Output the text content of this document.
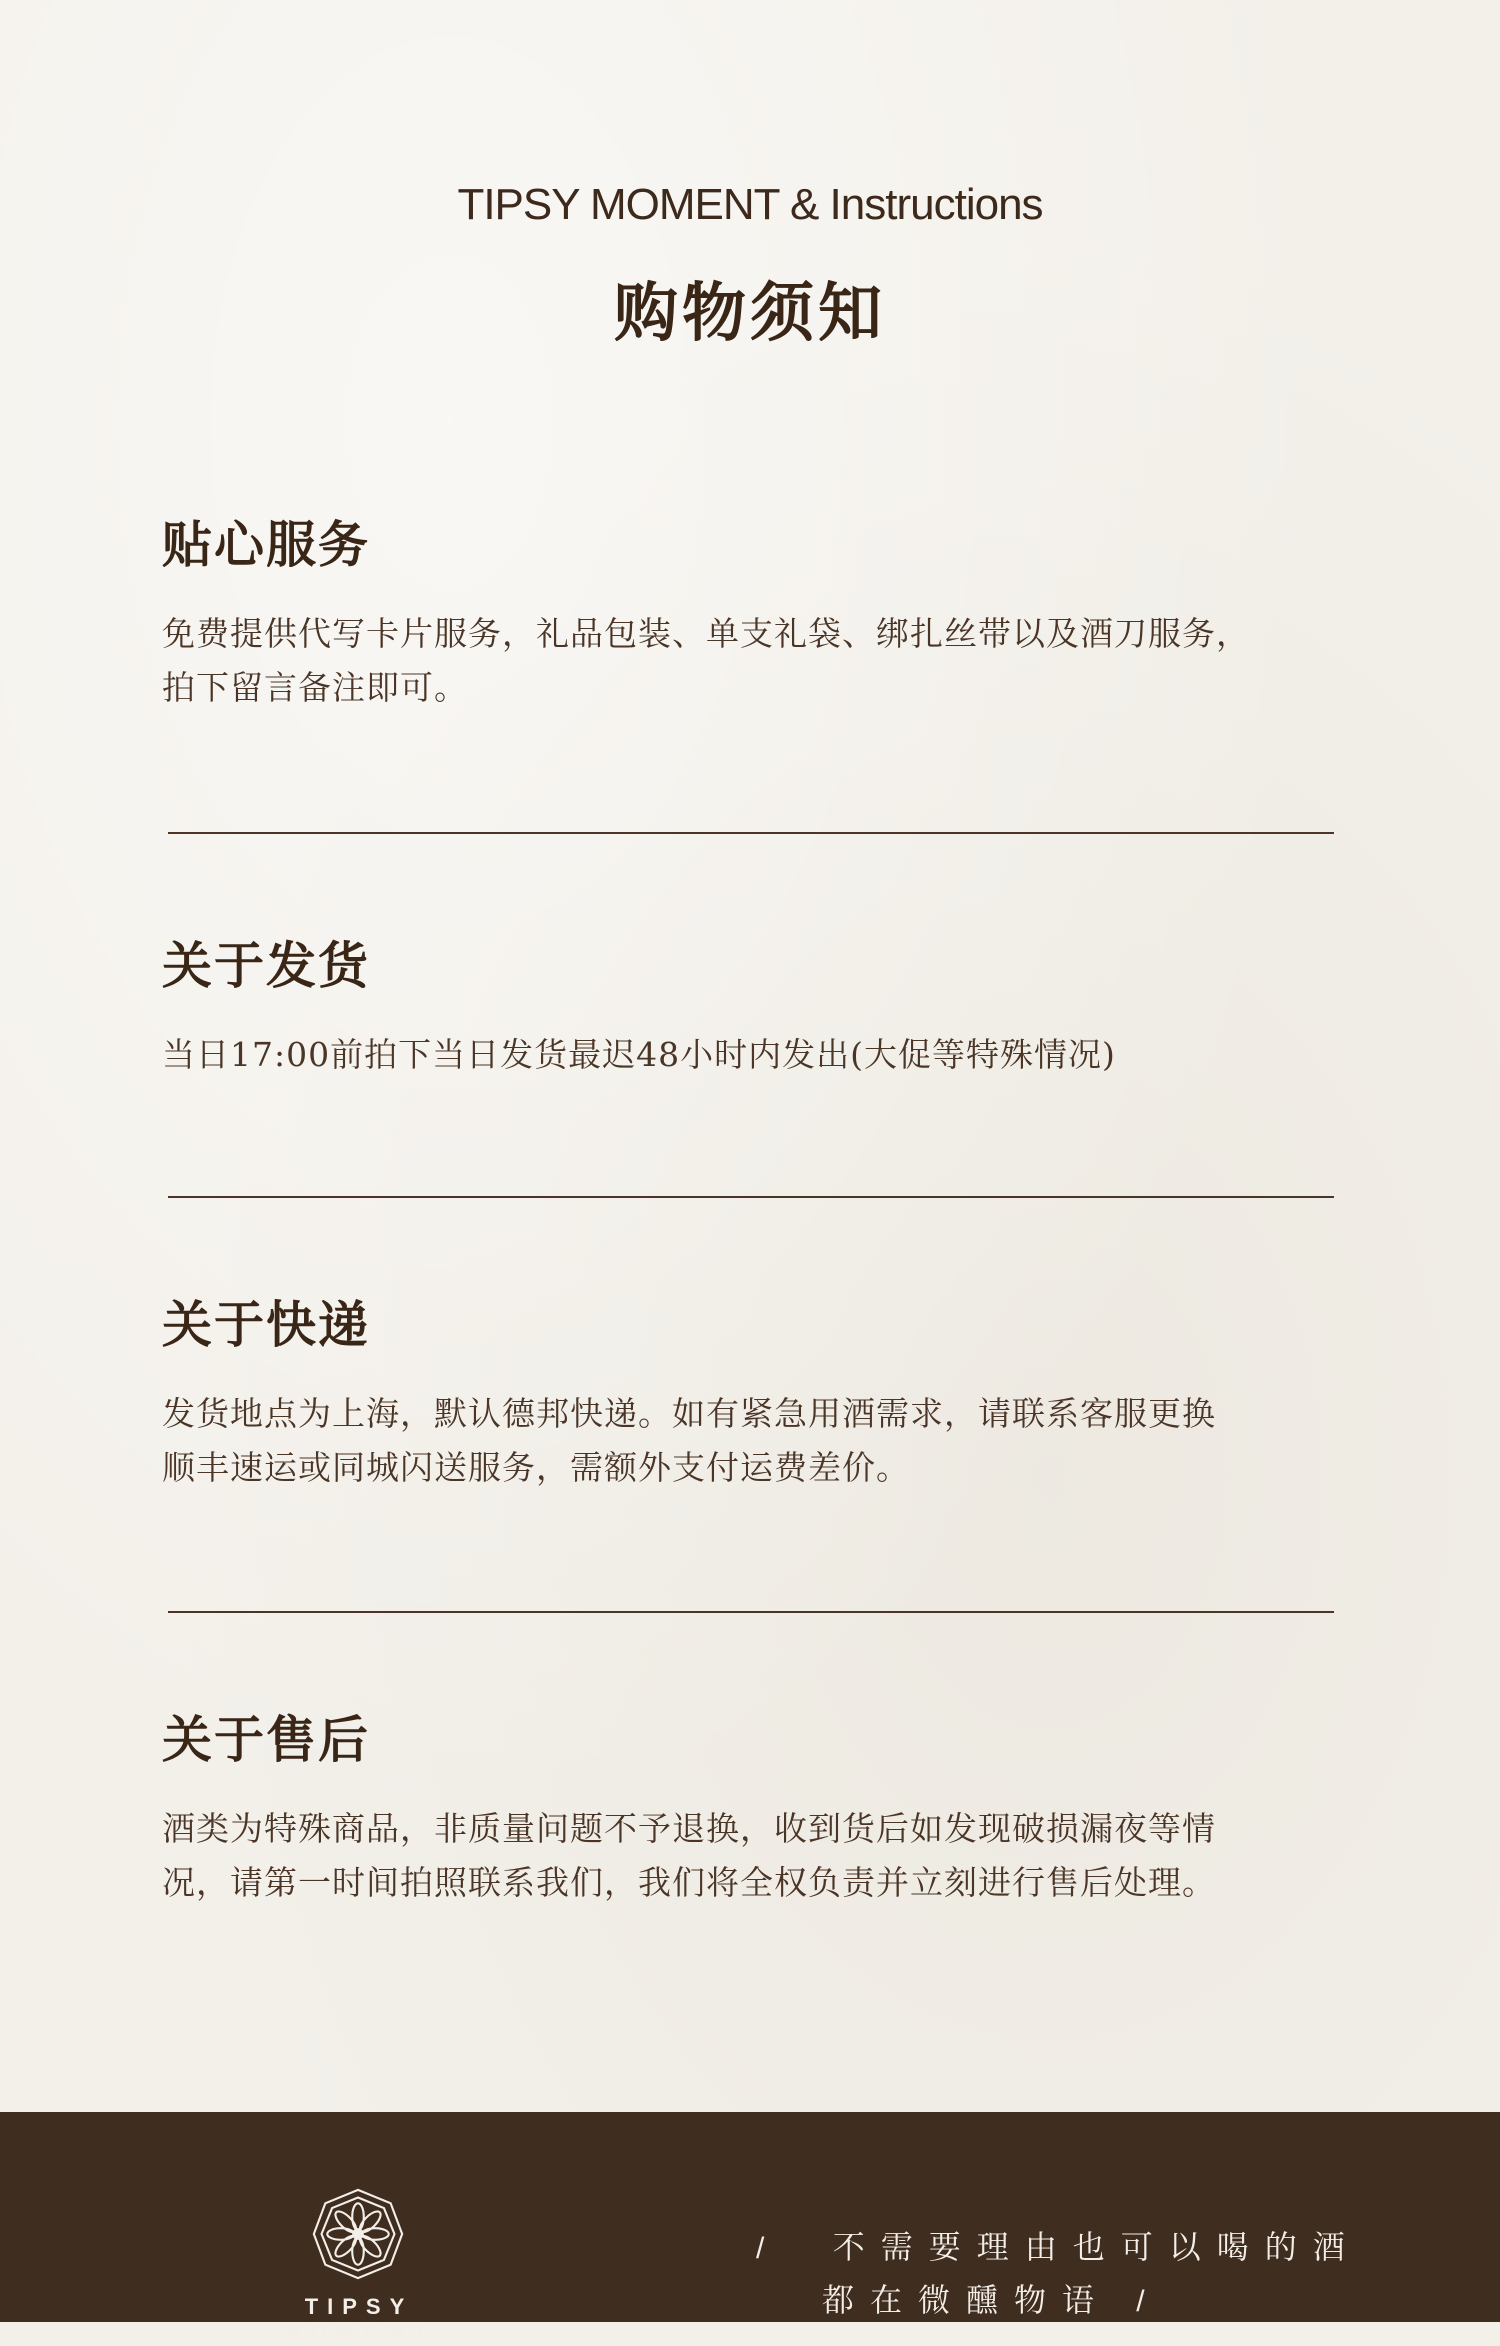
TIPSY MOMENT & Instructions
购物须知
贴心服务

免费提供代写卡片服务，礼品包装、单支礼袋、绑扎丝带以及酒刀服务，
拍下留言备注即可。

关于发货

当日17:00前拍下当日发货最迟48小时内发出(大促等特殊情况)

关于快递

发货地点为上海，默认德邦快递。如有紧急用酒需求，请联系客服更换
顺丰速运或同城闪送服务，需额外支付运费差价。

关于售后

酒类为特殊商品，非质量问题不予退换，收到货后如发现破损漏夜等情
况，请第一时间拍照联系我们，我们将全权负责并立刻进行售后处理。

TIPSY MOMENT
/ 不需要理由也可以喝的酒
都在微醺物语 /
